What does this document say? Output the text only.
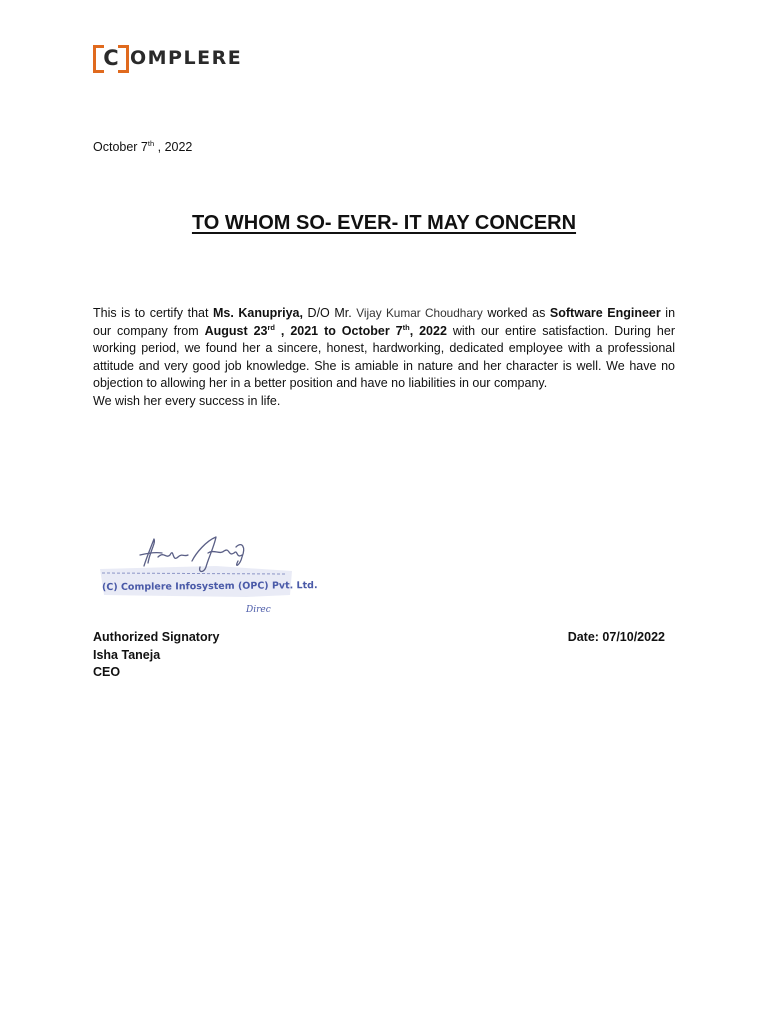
C OMPLERE
October 7th , 2022
TO WHOM SO- EVER- IT MAY CONCERN

This is to certify that Ms. Kanupriya, D/O Mr. Vijay Kumar Choudhary worked as Software Engineer in our company from August 23rd , 2021 to October 7th, 2022 with our entire satisfaction. During her working period, we found her a sincere, honest, hardworking, dedicated employee with a professional attitude and very good job knowledge. She is amiable in nature and her character is well. We have no objection to allowing her in a better position and have no liabilities in our company.

We wish her every success in life.

(C) Complere Infosystem (OPC) Pvt. Ltd.
Direc
Authorized Signatory
Isha Taneja
CEO
Date: 07/10/2022
